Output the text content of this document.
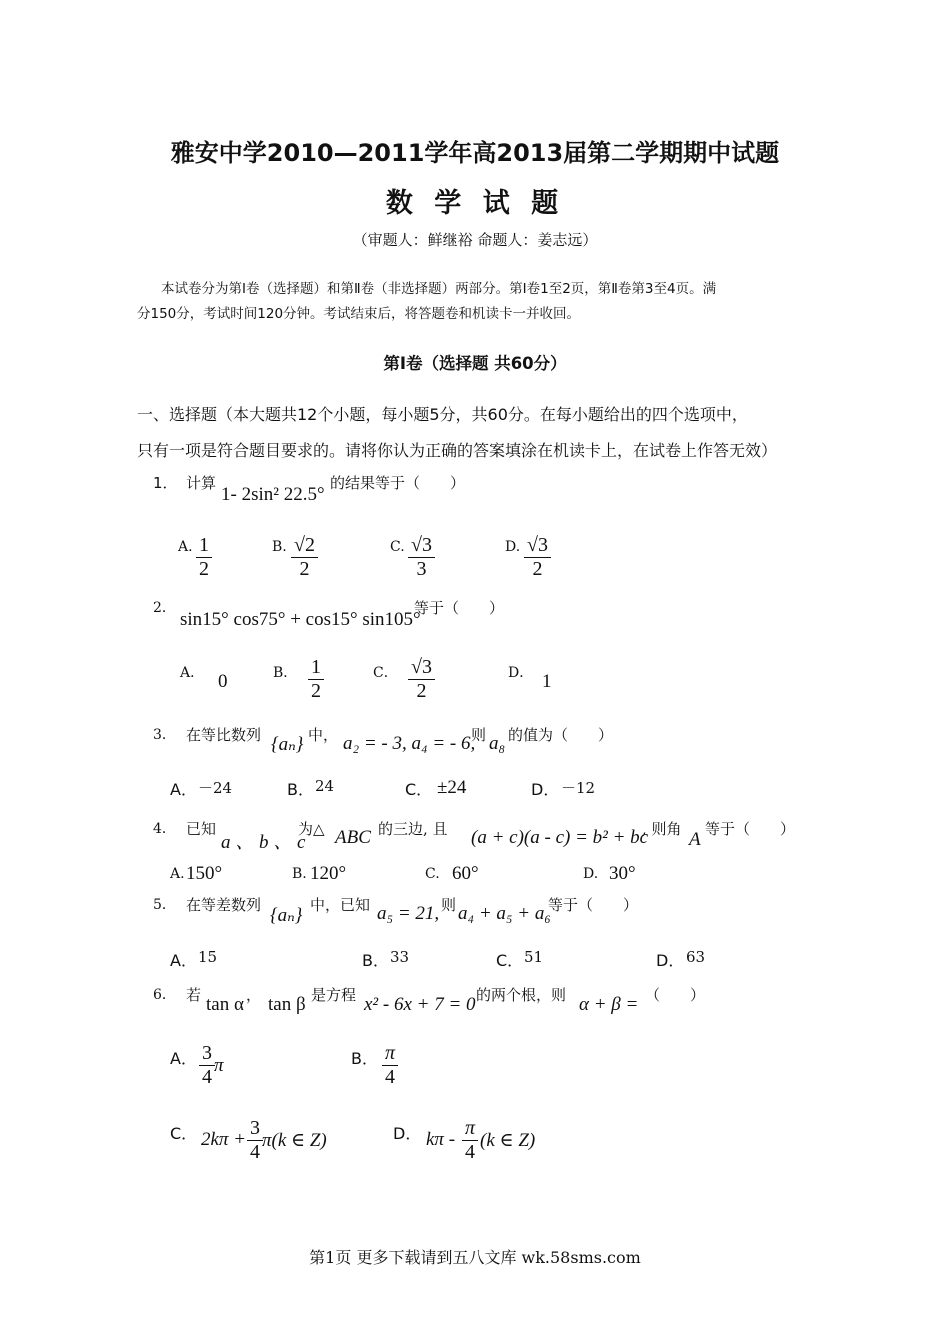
雅安中学2010—2011学年高2013届第二学期期中试题
数 学 试 题
（审题人：鲜继裕 命题人：姜志远）
本试卷分为第Ⅰ卷（选择题）和第Ⅱ卷（非选择题）两部分。第Ⅰ卷1至2页，第Ⅱ卷第3至4页。满
分150分，考试时间120分钟。考试结束后，将答题卷和机读卡一并收回。
第Ⅰ卷（选择题 共60分）
一、选择题（本大题共12个小题，每小题5分，共60分。在每小题给出的四个选项中，
只有一项是符合题目要求的。请将你认为正确的答案填涂在机读卡上，在试卷上作答无效）
1． 计算
1- 2sin² 22.5°
的结果等于（　　）
A. 1
2
B. √2
2
C. √3
3
D. √3
2
2．
sin15° cos75° + cos15° sin105°
等于（　　）
A． 0	B． 1
2
C． √3
2
D． 1
3． 在等比数列 {aₙ} 中， a₂ = - 3, a₄ = - 6,
则 a₈ 的值为（　　）
A． －24	B． 24	C． ±24	D． －12
4． 已知
a 、 b 、 c
为△ ABC 的三边, 且 (a + c)(a - c) = b² + bc
, 则角 A 等于（　　）
A. 150°	B. 120°	C. 60°	D. 30°
5． 在等差数列 {aₙ} 中，已知 a₅ = 21, 则 a₄ + a₅ + a₆
等于（　　）
A． 15	B． 33	C． 51	D． 63
6． 若 tan α ， tan β 是方程 x² - 6x + 7 = 0 的两个根，则 α + β = （　　）
A． 3
4
π	B． π
4
C． 2kπ +
3
4
π(k ∈ Z)	D． kπ -
π
4
(k ∈ Z)
第1页 更多下载请到五八文库 wk.58sms.com
